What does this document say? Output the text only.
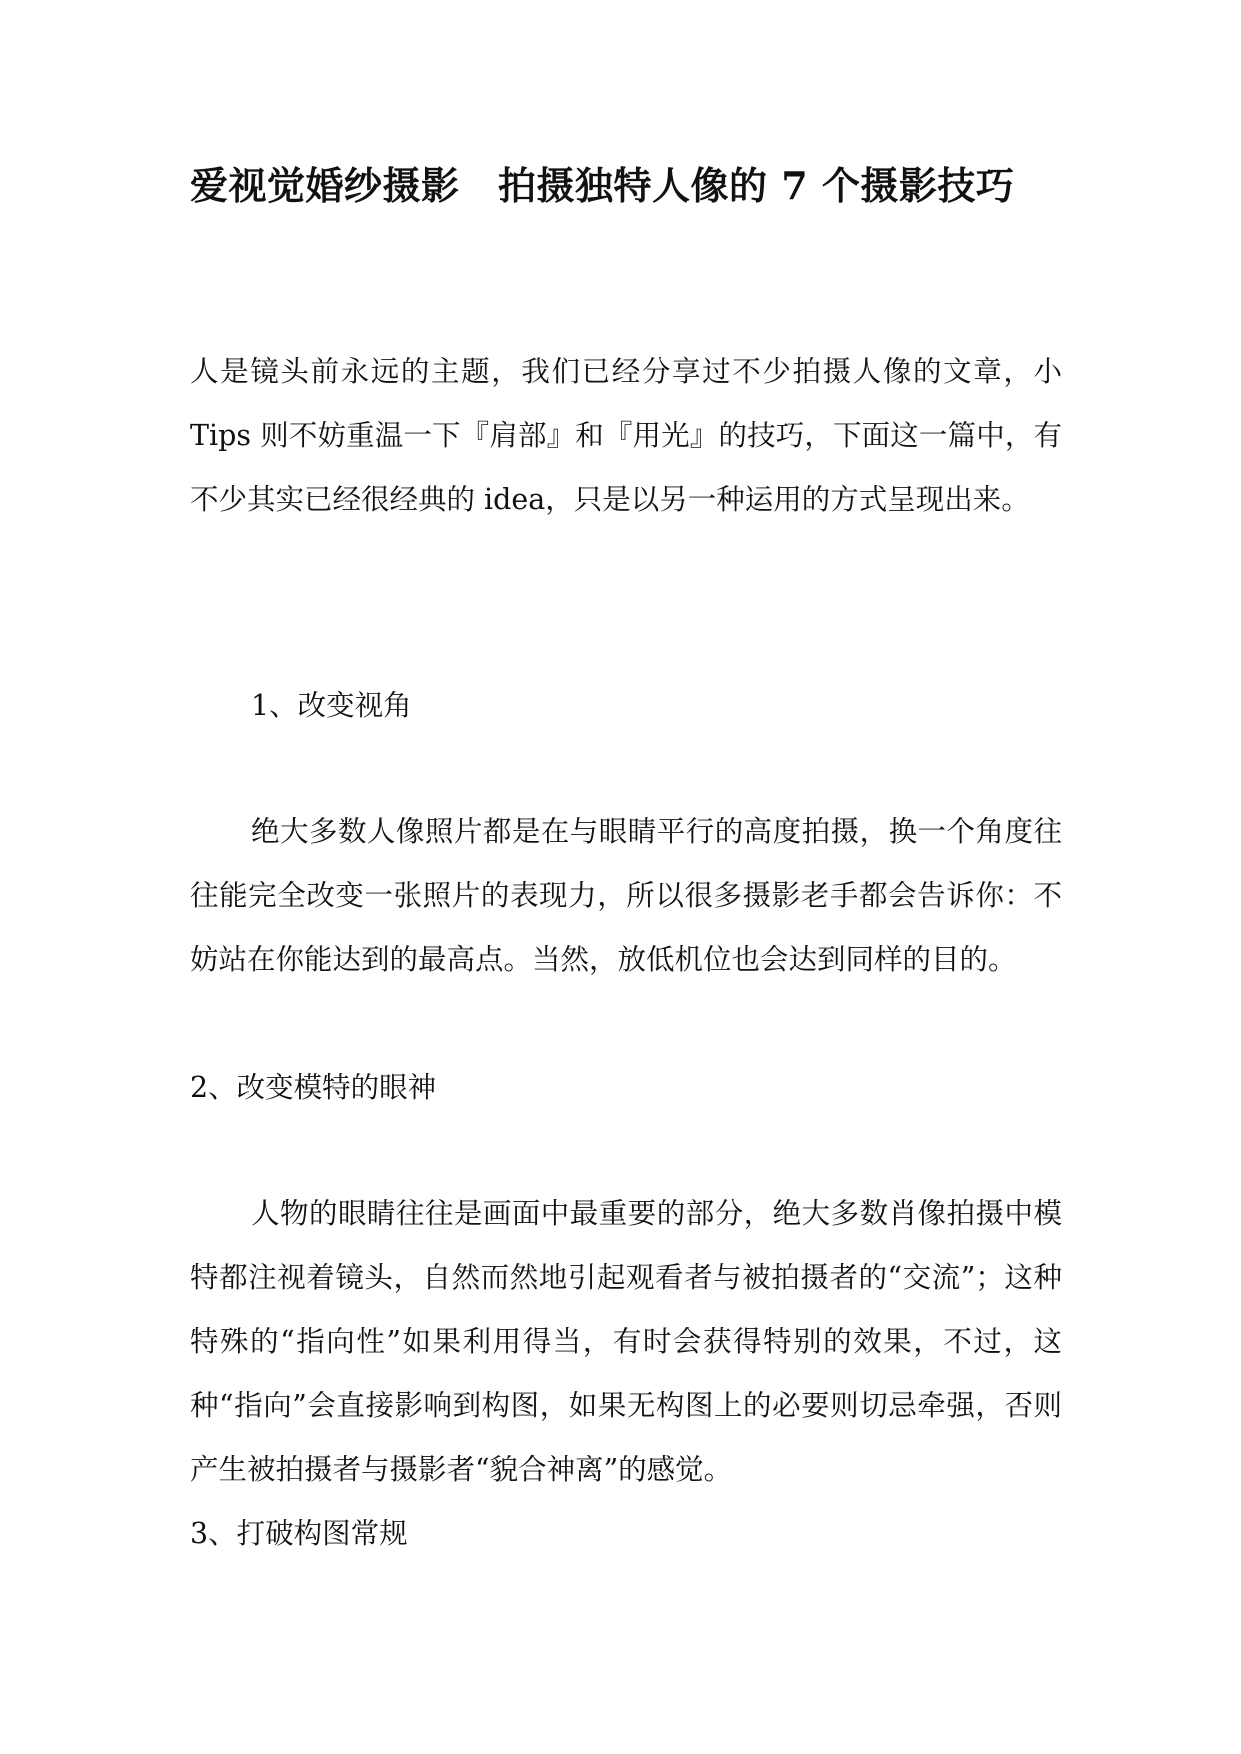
爱视觉婚纱摄影　拍摄独特人像的 7 个摄影技巧

人是镜头前永远的主题，我们已经分享过不少拍摄人像的文章，小 Tips 则不妨重温一下『肩部』和『用光』的技巧，下面这一篇中，有不少其实已经很经典的 idea，只是以另一种运用的方式呈现出来。

1、改变视角

绝大多数人像照片都是在与眼睛平行的高度拍摄，换一个角度往往能完全改变一张照片的表现力，所以很多摄影老手都会告诉你：不妨站在你能达到的最高点。当然，放低机位也会达到同样的目的。

2、改变模特的眼神

人物的眼睛往往是画面中最重要的部分，绝大多数肖像拍摄中模特都注视着镜头，自然而然地引起观看者与被拍摄者的“交流”；这种特殊的“指向性”如果利用得当，有时会获得特别的效果，不过，这种“指向”会直接影响到构图，如果无构图上的必要则切忌牵强，否则产生被拍摄者与摄影者“貌合神离”的感觉。

3、打破构图常规
